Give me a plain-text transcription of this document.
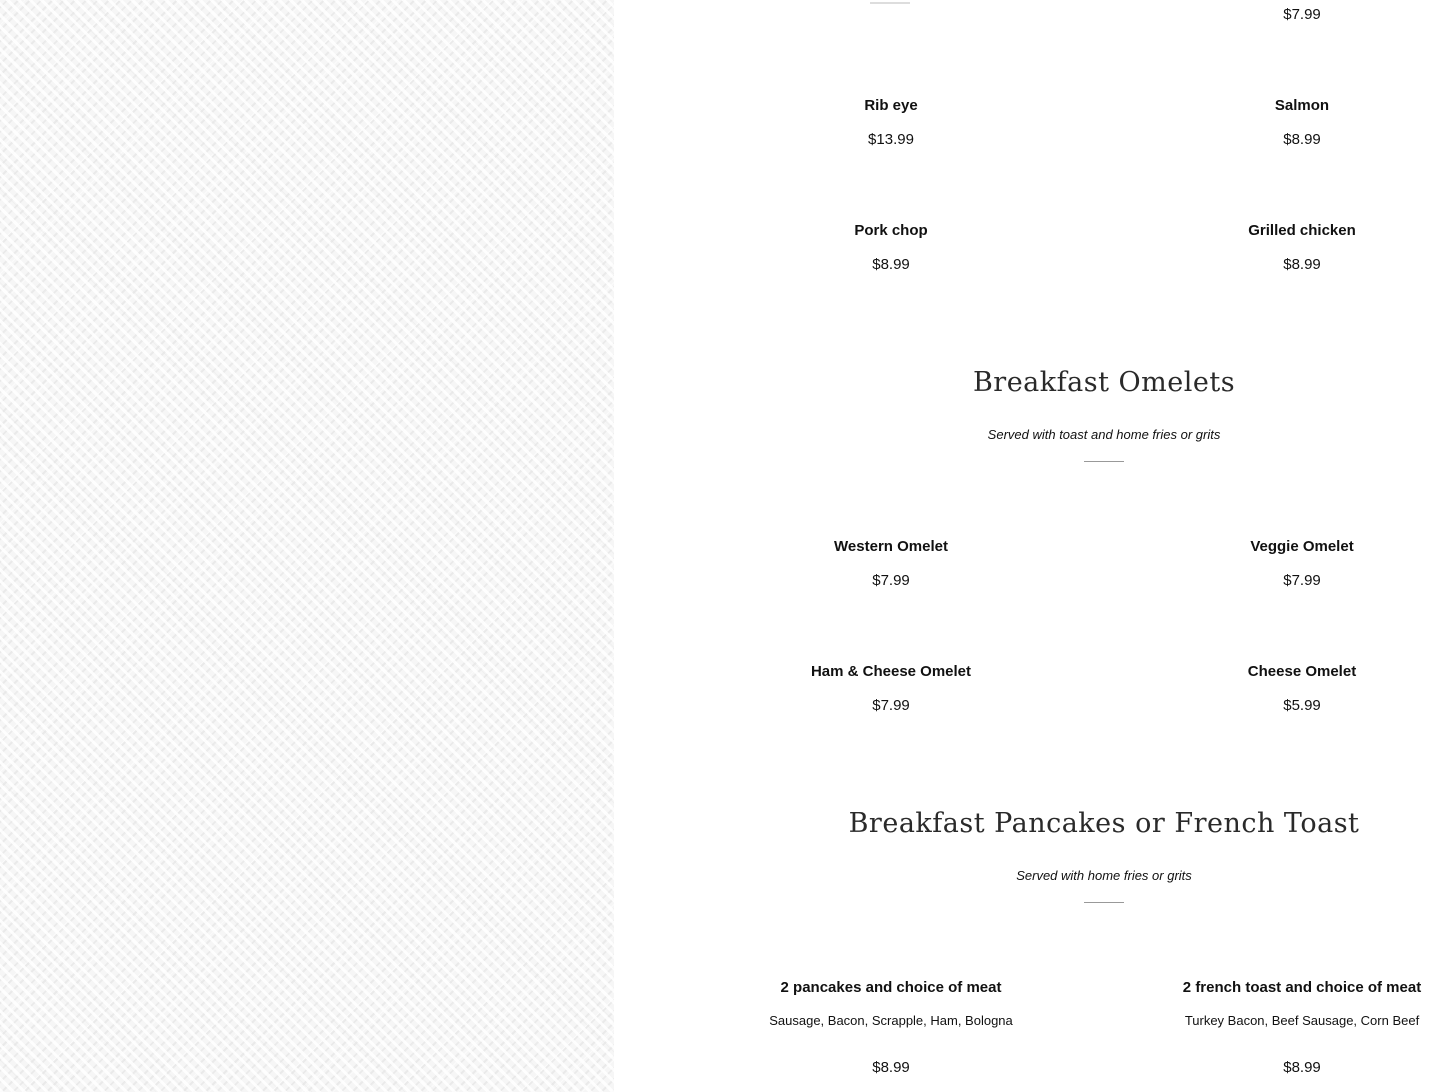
$7.99
Rib eye
$13.99
Salmon
$8.99
Pork chop
$8.99
Grilled chicken
$8.99
Breakfast Omelets
Served with toast and home fries or grits
Western Omelet
$7.99
Veggie Omelet
$7.99
Ham & Cheese Omelet
$7.99
Cheese Omelet
$5.99
Breakfast Pancakes or French Toast
Served with home fries or grits
2 pancakes and choice of meat
Sausage, Bacon, Scrapple, Ham, Bologna
$8.99
2 french toast and choice of meat
Turkey Bacon, Beef Sausage, Corn Beef
$8.99
